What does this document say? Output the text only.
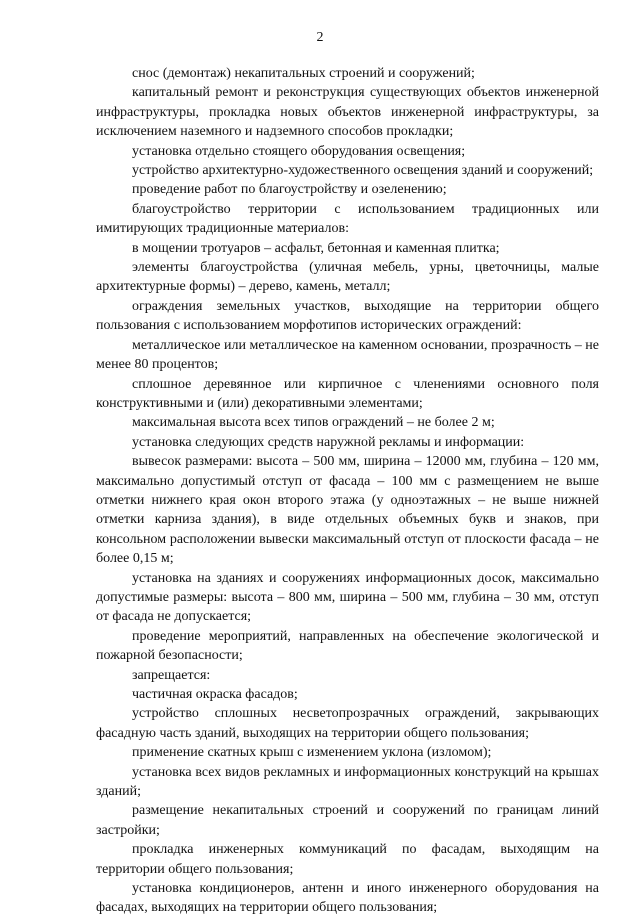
2

снос (демонтаж) некапитальных строений и сооружений;

капитальный ремонт и реконструкция существующих объектов инженерной инфраструктуры, прокладка новых объектов инженерной инфраструктуры, за исключением наземного и надземного способов прокладки;

установка отдельно стоящего оборудования освещения;

устройство архитектурно-художественного освещения зданий и сооружений;

проведение работ по благоустройству и озеленению;

благоустройство территории с использованием традиционных или имитирующих традиционные материалов:

в мощении тротуаров – асфальт, бетонная и каменная плитка;

элементы благоустройства (уличная мебель, урны, цветочницы, малые архитектурные формы) – дерево, камень, металл;

ограждения земельных участков, выходящие на территории общего пользования с использованием морфотипов исторических ограждений:

металлическое или металлическое на каменном основании, прозрачность – не менее 80 процентов;

сплошное деревянное или кирпичное с членениями основного поля конструктивными и (или) декоративными элементами;

максимальная высота всех типов ограждений – не более 2 м;

установка следующих средств наружной рекламы и информации:

вывесок размерами: высота – 500 мм, ширина – 12000 мм, глубина – 120 мм, максимально допустимый отступ от фасада – 100 мм с размещением не выше отметки нижнего края окон второго этажа (у одноэтажных – не выше нижней отметки карниза здания), в виде отдельных объемных букв и знаков, при консольном расположении вывески максимальный отступ от плоскости фасада – не более 0,15 м;

установка на зданиях и сооружениях информационных досок, максимально допустимые размеры: высота – 800 мм, ширина – 500 мм, глубина – 30 мм, отступ от фасада не допускается;

проведение мероприятий, направленных на обеспечение экологической и пожарной безопасности;

запрещается:

частичная окраска фасадов;

устройство сплошных несветопрозрачных ограждений, закрывающих фасадную часть зданий, выходящих на территории общего пользования;

применение скатных крыш с изменением уклона (изломом);

установка всех видов рекламных и информационных конструкций на крышах зданий;

размещение некапитальных строений и сооружений по границам линий застройки;

прокладка инженерных коммуникаций по фасадам, выходящим на территории общего пользования;

установка кондиционеров, антенн и иного инженерного оборудования на фасадах, выходящих на территории общего пользования;
